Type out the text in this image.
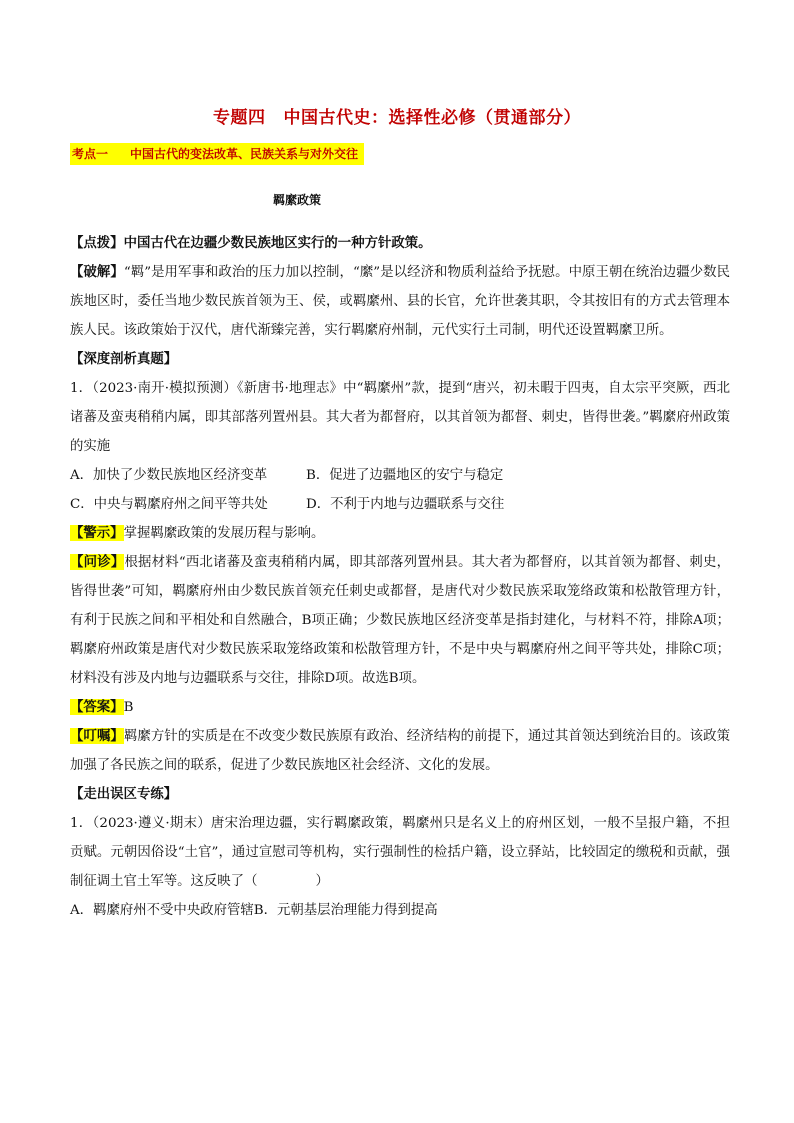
专题四 中国古代史：选择性必修（贯通部分）
考点一 中国古代的变法改革、民族关系与对外交往
羁縻政策

【点拨】中国古代在边疆少数民族地区实行的一种方针政策。

【破解】“羁”是用军事和政治的压力加以控制，“縻”是以经济和物质利益给予抚慰。中原王朝在统治边疆少数民族地区时，委任当地少数民族首领为王、侯，或羁縻州、县的长官，允许世袭其职，令其按旧有的方式去管理本族人民。该政策始于汉代，唐代渐臻完善，实行羁縻府州制，元代实行土司制，明代还设置羁縻卫所。

【深度剖析真题】

1．（2023·南开·模拟预测）《新唐书·地理志》中“羁縻州”款，提到“唐兴，初未暇于四夷，自太宗平突厥，西北诸蕃及蛮夷稍稍内属，即其部落列置州县。其大者为都督府，以其首领为都督、刺史，皆得世袭。”羁縻府州政策的实施

A．加快了少数民族地区经济变革	B．促进了边疆地区的安宁与稳定

C．中央与羁縻府州之间平等共处	D．不利于内地与边疆联系与交往

【警示】掌握羁縻政策的发展历程与影响。

【问诊】根据材料“西北诸蕃及蛮夷稍稍内属，即其部落列置州县。其大者为都督府，以其首领为都督、刺史，皆得世袭”可知，羁縻府州由少数民族首领充任刺史或都督，是唐代对少数民族采取笼络政策和松散管理方针，有利于民族之间和平相处和自然融合，B项正确；少数民族地区经济变革是指封建化，与材料不符，排除A项；羁縻府州政策是唐代对少数民族采取笼络政策和松散管理方针，不是中央与羁縻府州之间平等共处，排除C项；材料没有涉及内地与边疆联系与交往，排除D项。故选B项。

【答案】B

【叮嘱】羁縻方针的实质是在不改变少数民族原有政治、经济结构的前提下，通过其首领达到统治目的。该政策加强了各民族之间的联系，促进了少数民族地区社会经济、文化的发展。

【走出误区专练】

1．（2023·遵义·期末）唐宋治理边疆，实行羁縻政策，羁縻州只是名义上的府州区划，一般不呈报户籍，不担贡赋。元朝因俗设“土官”，通过宣慰司等机构，实行强制性的检括户籍，设立驿站，比较固定的缴税和贡献，强制征调土官土军等。这反映了（	）

A．羁縻府州不受中央政府管辖B．元朝基层治理能力得到提高
